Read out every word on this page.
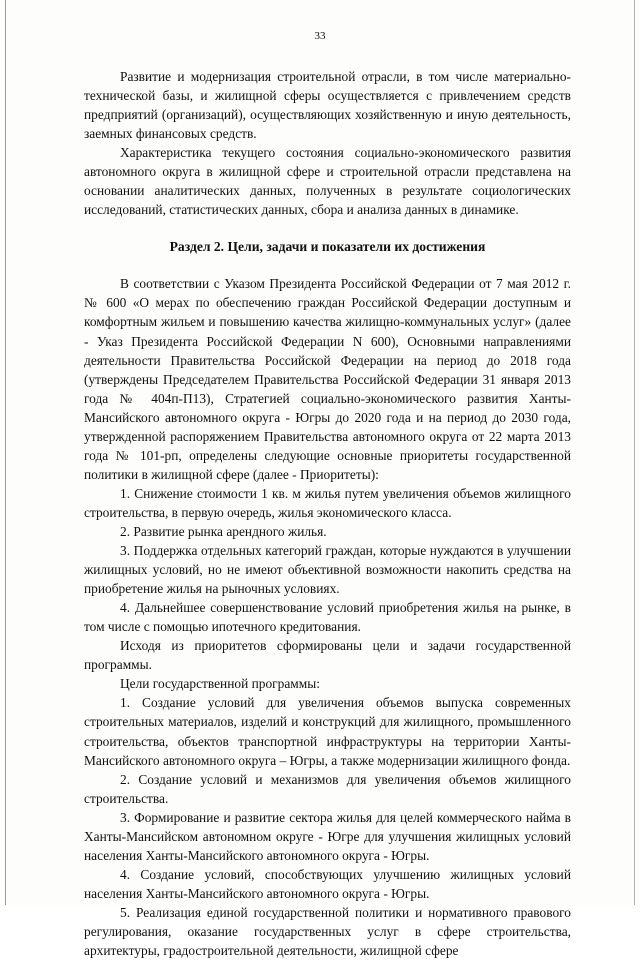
33

Развитие и модернизация строительной отрасли, в том числе материально-технической базы, и жилищной сферы осуществляется с привлечением средств предприятий (организаций), осуществляющих хозяйственную и иную деятельность, заемных финансовых средств.

Характеристика текущего состояния социально-экономического развития автономного округа в жилищной сфере и строительной отрасли представлена на основании аналитических данных, полученных в результате социологических исследований, статистических данных, сбора и анализа данных в динамике.

Раздел 2. Цели, задачи и показатели их достижения

В соответствии с Указом Президента Российской Федерации от 7 мая 2012 г. № 600 «О мерах по обеспечению граждан Российской Федерации доступным и комфортным жильем и повышению качества жилищно-коммунальных услуг» (далее - Указ Президента Российской Федерации N 600), Основными направлениями деятельности Правительства Российской Федерации на период до 2018 года (утверждены Председателем Правительства Российской Федерации 31 января 2013 года № 404п-П13), Стратегией социально-экономического развития Ханты-Мансийского автономного округа - Югры до 2020 года и на период до 2030 года, утвержденной распоряжением Правительства автономного округа от 22 марта 2013 года № 101-рп, определены следующие основные приоритеты государственной политики в жилищной сфере (далее - Приоритеты):

1. Снижение стоимости 1 кв. м жилья путем увеличения объемов жилищного строительства, в первую очередь, жилья экономического класса.

2. Развитие рынка арендного жилья.

3. Поддержка отдельных категорий граждан, которые нуждаются в улучшении жилищных условий, но не имеют объективной возможности накопить средства на приобретение жилья на рыночных условиях.

4. Дальнейшее совершенствование условий приобретения жилья на рынке, в том числе с помощью ипотечного кредитования.

Исходя из приоритетов сформированы цели и задачи государственной программы.

Цели государственной программы:

1. Создание условий для увеличения объемов выпуска современных строительных материалов, изделий и конструкций для жилищного, промышленного строительства, объектов транспортной инфраструктуры на территории Ханты-Мансийского автономного округа – Югры, а также модернизации жилищного фонда.

2. Создание условий и механизмов для увеличения объемов жилищного строительства.

3. Формирование и развитие сектора жилья для целей коммерческого найма в Ханты-Мансийском автономном округе - Югре для улучшения жилищных условий населения Ханты-Мансийского автономного округа - Югры.

4. Создание условий, способствующих улучшению жилищных условий населения Ханты-Мансийского автономного округа - Югры.

5. Реализация единой государственной политики и нормативного правового регулирования, оказание государственных услуг в сфере строительства, архитектуры, градостроительной деятельности, жилищной сфере
